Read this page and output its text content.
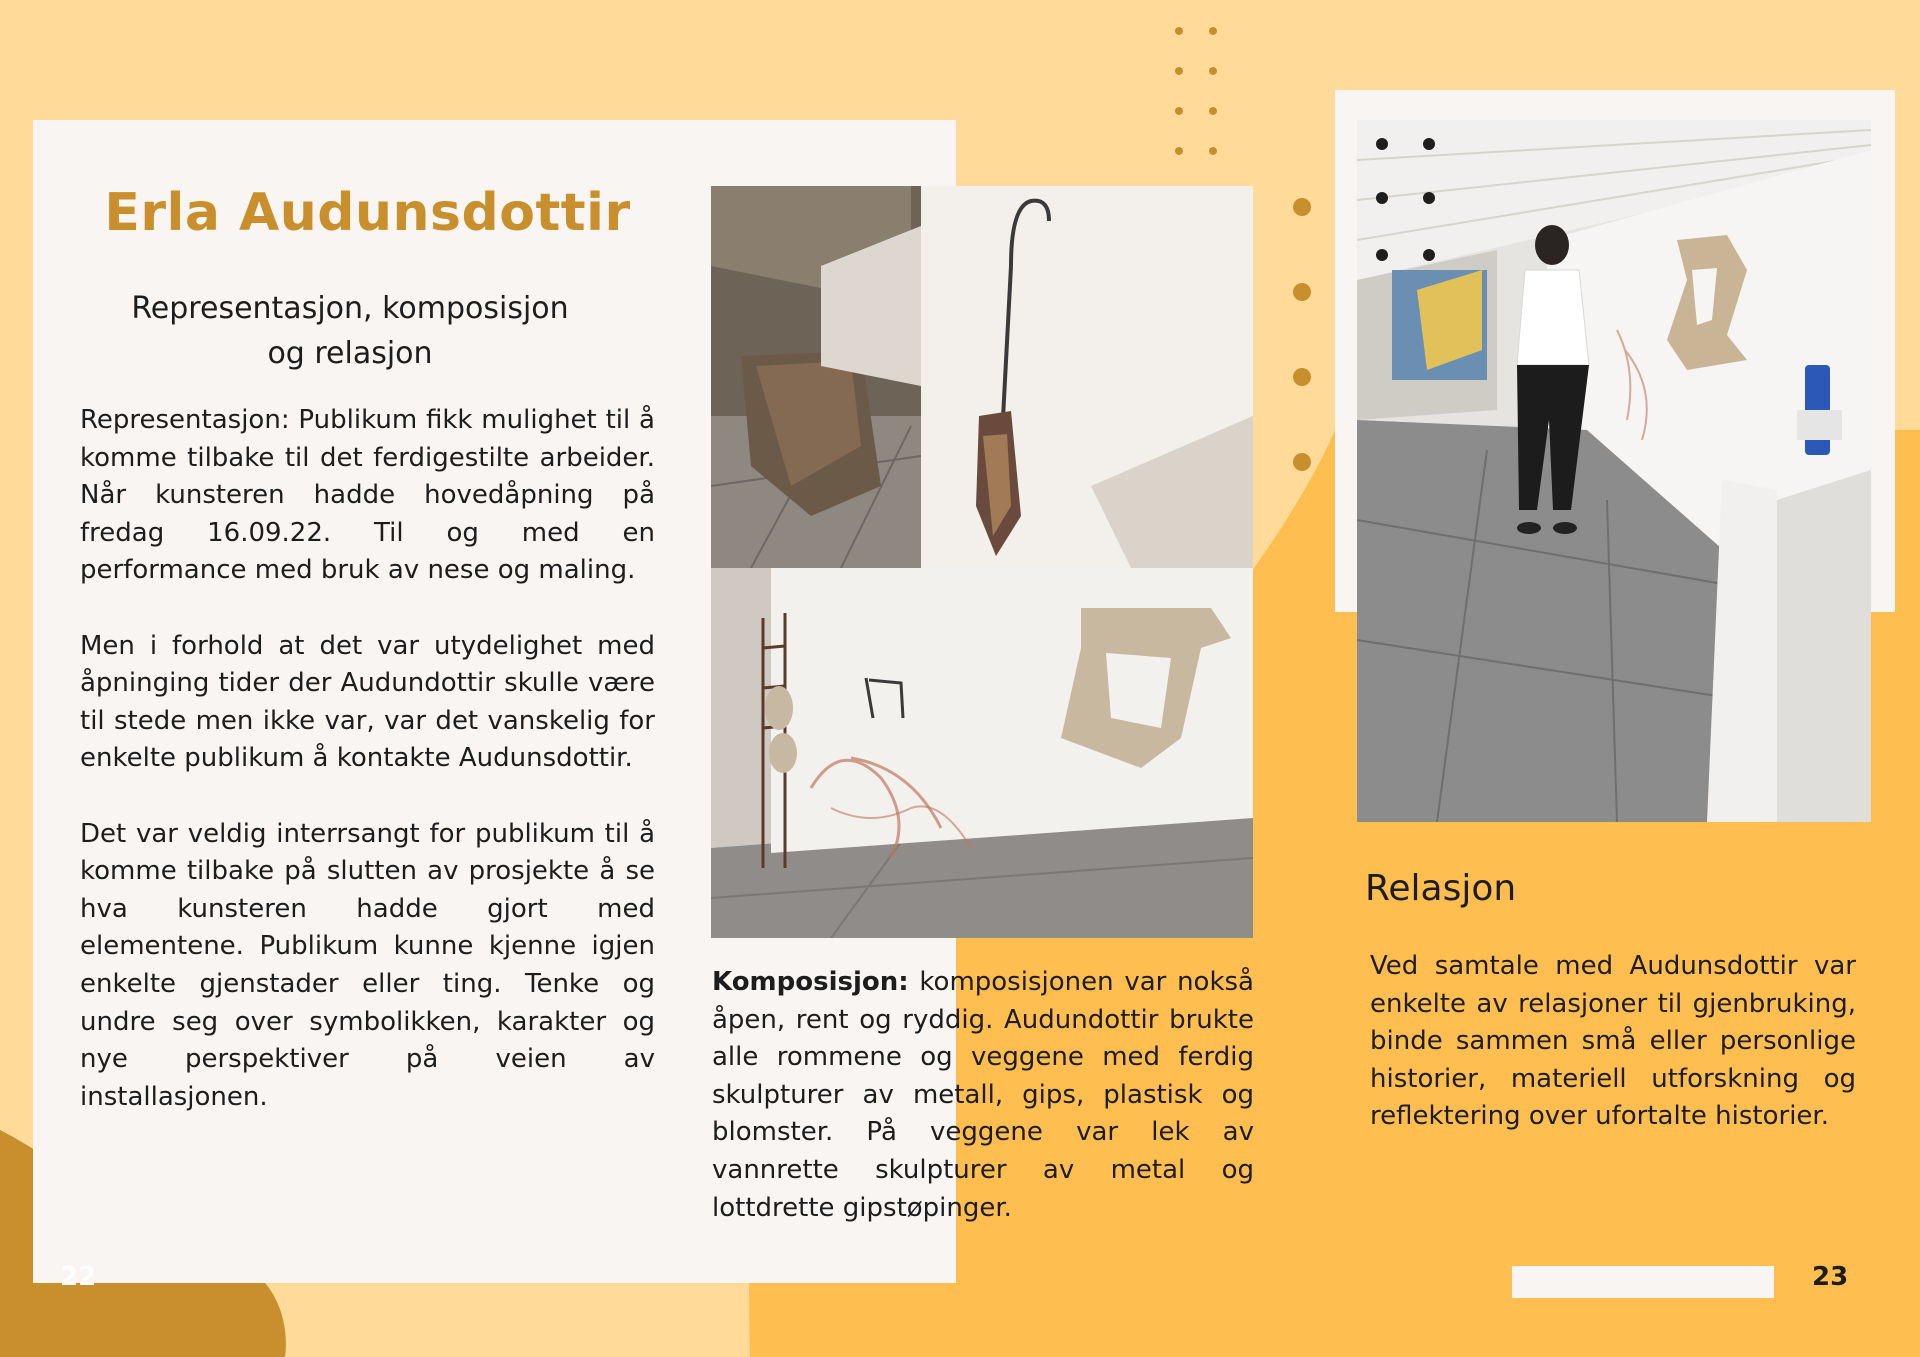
Erla Audunsdottir
Representasjon, komposisjon
og relasjon

Representasjon: Publikum fikk mulighet til å komme tilbake til det ferdigestilte arbeider. Når kunsteren hadde hovedåpning på fredag 16.09.22. Til og med en performance med bruk av nese og maling.

Men i forhold at det var utydelighet med åpninging tider der Audundottir skulle være til stede men ikke var, var det vanskelig for enkelte publikum å kontakte Audunsdottir.

Det var veldig interrsangt for publikum til å komme tilbake på slutten av prosjekte å se hva kunsteren hadde gjort med elementene. Publikum kunne kjenne igjen enkelte gjenstader eller ting. Tenke og undre seg over symbolikken, karakter og nye perspektiver på veien av installasjonen.

Komposisjon: komposisjonen var nokså åpen, rent og ryddig. Audundottir brukte alle rommene og veggene med ferdig skulpturer av metall, gips, plastisk og blomster. På veggene var lek av vannrette skulpturer av metal og lottdrette gipstøpinger.

Relasjon

Ved samtale med Audunsdottir var enkelte av relasjoner til gjenbruking, binde sammen små eller personlige historier, materiell utforskning og reflektering over ufortalte historier.

22	23
